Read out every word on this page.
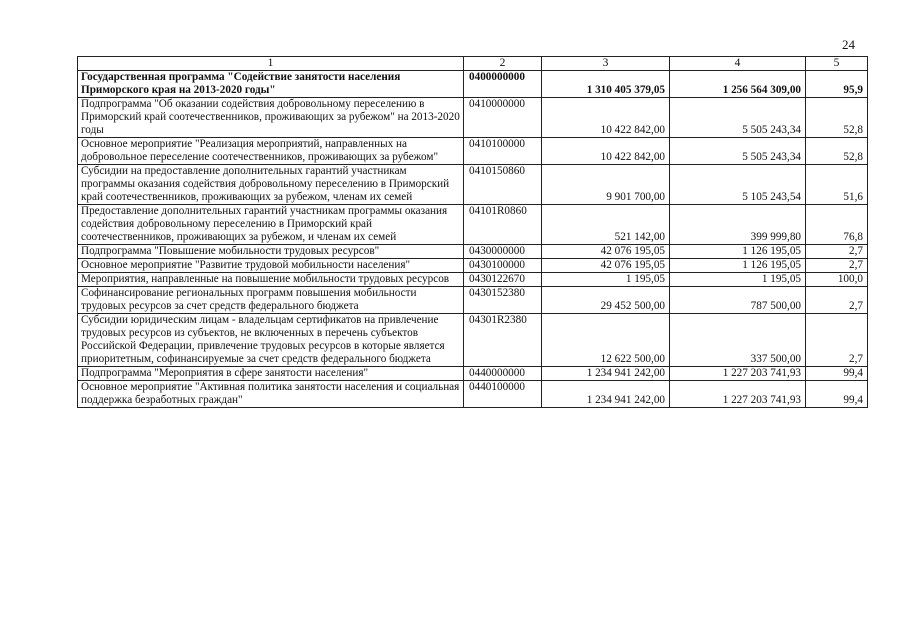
24
1	2	3	4	5
Государственная программа "Содействие занятости населения Приморского края на 2013-2020 годы"	0400000000	1 310 405 379,05	1 256 564 309,00	95,9
Подпрограмма "Об оказании содействия добровольному переселению в Приморский край соотечественников, проживающих за рубежом" на 2013-2020 годы	0410000000	10 422 842,00	5 505 243,34	52,8
Основное мероприятие "Реализация мероприятий, направленных на добровольное переселение соотечественников, проживающих за рубежом"	0410100000	10 422 842,00	5 505 243,34	52,8
Субсидии на предоставление дополнительных гарантий участникам программы оказания содействия добровольному переселению в Приморский край соотечественников, проживающих за рубежом, членам их семей	0410150860	9 901 700,00	5 105 243,54	51,6
Предоставление дополнительных гарантий участникам программы оказания содействия добровольному переселению в Приморский край соотечественников, проживающих за рубежом, и членам их семей	04101R0860	521 142,00	399 999,80	76,8
Подпрограмма "Повышение мобильности трудовых ресурсов"	0430000000	42 076 195,05	1 126 195,05	2,7
Основное мероприятие "Развитие трудовой мобильности населения"	0430100000	42 076 195,05	1 126 195,05	2,7
Мероприятия, направленные на повышение мобильности трудовых ресурсов	0430122670	1 195,05	1 195,05	100,0
Софинансирование региональных программ повышения мобильности трудовых ресурсов за счет средств федерального бюджета	0430152380	29 452 500,00	787 500,00	2,7
Субсидии юридическим лицам - владельцам сертификатов на привлечение трудовых ресурсов из субъектов, не включенных в перечень субъектов Российской Федерации, привлечение трудовых ресурсов в которые является приоритетным, софинансируемые за счет средств федерального бюджета	04301R2380	12 622 500,00	337 500,00	2,7
Подпрограмма "Мероприятия в сфере занятости населения"	0440000000	1 234 941 242,00	1 227 203 741,93	99,4
Основное мероприятие "Активная политика занятости населения и социальная поддержка безработных граждан"	0440100000	1 234 941 242,00	1 227 203 741,93	99,4
